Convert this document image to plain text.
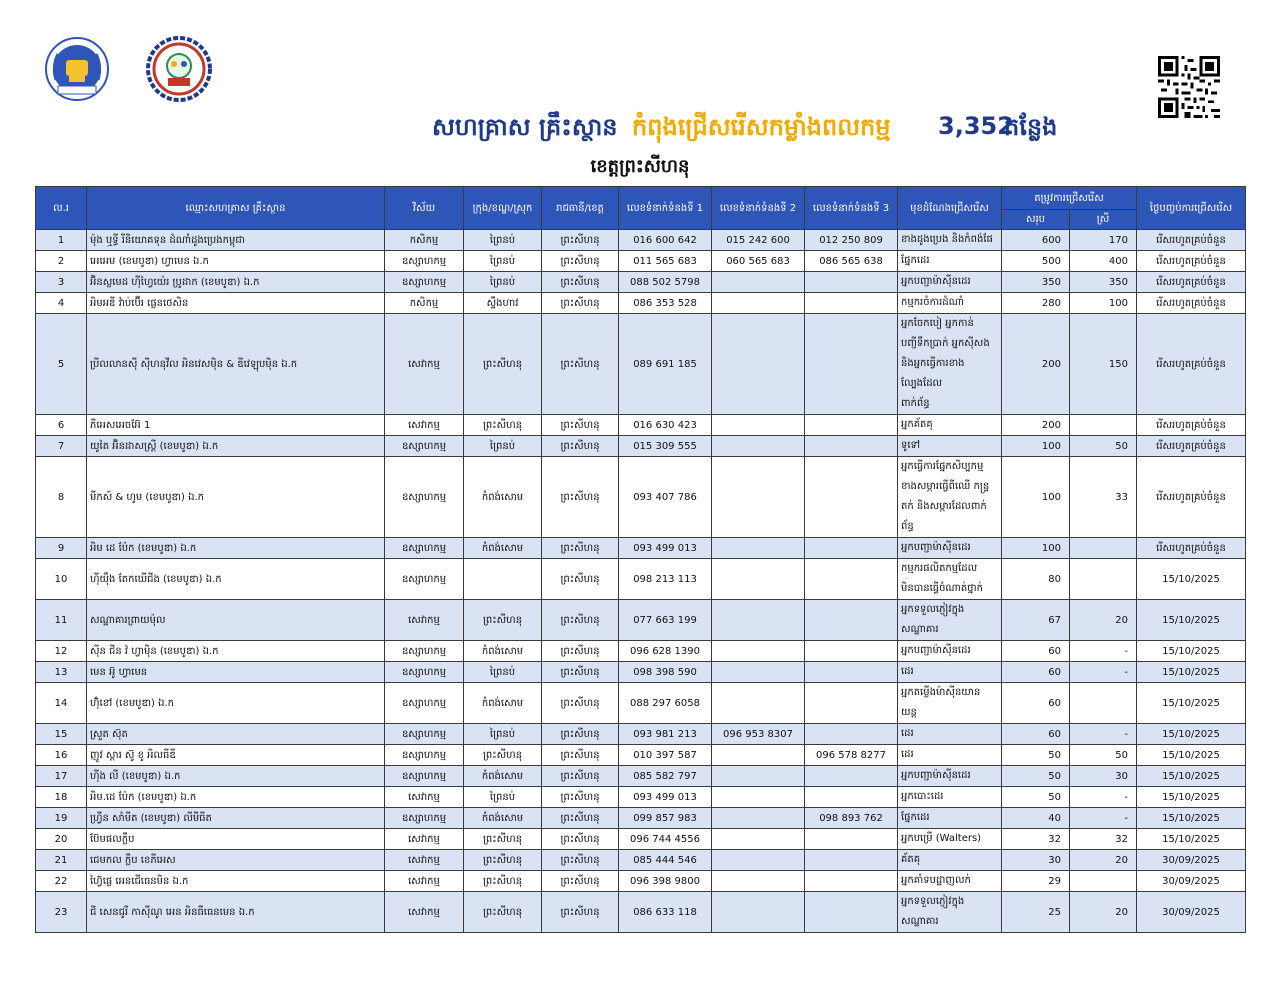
សហគ្រាស គ្រឹះស្ថាន កំពុងជ្រើសរើសកម្លាំងពលកម្ម 3,352
កន្លែង
ខេត្តព្រះសីហនុ
ល.រ	ឈ្មោះសហគ្រាស គ្រឹះស្ថាន	វិស័យ	ក្រុង/ខណ្ឌ/ស្រុក	រាជធានី/ខេត្ត	លេខទំនាក់ទំនងទី 1	លេខទំនាក់ទំនងទី 2	លេខទំនាក់ទំនងទី 3	មុខដំណែងជ្រើសរើស	តម្រូវការជ្រើសរើស		ថ្ងៃបញ្ចប់ការជ្រើសរើស
									សរុប	ស្រី	
1	ម៉ុង ឬទ្ធី រីនិយោគទុន ដំណាំដូងប្រេងកម្ពុជា	កសិកម្ម	ព្រៃនប់	ព្រះសីហនុ	016 600 642	015 242 600	012 250 809	ខាងដូងប្រេង និងកំពង់ផែ	600	170	រើសរហូតគ្រប់ចំនួន
2	អេអេម (ខេមបូឌា) ហ្វាមេន ឯ.ក	ឧស្សាហកម្ម	ព្រៃនប់	ព្រះសីហនុ	011 565 683	060 565 683	086 565 638	ផ្នែកដេរ	500	400	រើសរហូតគ្រប់ចំនួន
3	អ៊ិនស្លមេដ ហ៊ីហ្វៃយ៉េរ ប្រូដាក (ខេមបូឌា) ឯ.ក	ឧស្សាហកម្ម	ព្រៃនប់	ព្រះសីហនុ	088 502 5798			អ្នកបញ្ជាម៉ាស៊ីនដេរ	350	350	រើសរហូតគ្រប់ចំនួន
4	អិមអឌី វ៉ាប់ប៊ើរ ផ្លេនថេសិន	កសិកម្ម	ស្ទឹងហាវ	ព្រះសីហនុ	086 353 528			កម្មករចំការដំណាំ	280	100	រើសរហូតគ្រប់ចំនួន
5	ប្រីលលានស៊ី ស៊ីហនុវីល អិនវេសម៉ិន & ឌីវេឡុបម៉ិន ឯ.ក	សេវាកម្ម	ព្រះសីហនុ	ព្រះសីហនុ	089 691 185			អ្នកចែកបៀ អ្នកកាន់
បញ្ជីទឹកប្រាក់ អ្នកស៊ីសង
និងអ្នកធ្វើការខាង
ល្បែងដែល
ពាក់ព័ន្ធ	200	150	រើសរហូតគ្រប់ចំនួន
6	ភីអេសអេចអ៊ែ 1	សេវាកម្ម	ព្រះសីហនុ	ព្រះសីហនុ	016 630 423			អ្នកគ័តគុ	200		រើសរហូតគ្រប់ចំនួន
7	យូតៃ អ៊ិនដាសស្ត្រី (ខេមបូឌា) ឯ.ក	ឧស្សាហកម្ម	ព្រៃនប់	ព្រះសីហនុ	015 309 555			ទូទៅ	100	50	រើសរហូតគ្រប់ចំនួន
8	មីកស៍ & ហូម (ខេមបូឌា) ឯ.ក	ឧស្សាហកម្ម	កំពង់សោម	ព្រះសីហនុ	093 407 786			អ្នកធ្វើការផ្នែកសិប្បកម្ម
ខាងសម្ភារធ្វើពីឈើ កន្ទ្រ
តក់ និងសម្ភារដែលពាក់
ព័ន្ធ	100	33	រើសរហូតគ្រប់ចំនួន
9	អិម ដេ ប៉ែក (ខេមបូឌា) ឯ.ក	ឧស្សាហកម្ម	កំពង់សោម	ព្រះសីហនុ	093 499 013			អ្នកបញ្ជាម៉ាស៊ីនដេរ	100		រើសរហូតគ្រប់ចំនួន
10	ហ៊ីយ៉ឹង តែកឃើជីង (ខេមបូឌា) ឯ.ក	ឧស្សាហកម្ម		ព្រះសីហនុ	098 213 113			កម្មករផលិតកម្មដែល
មិនបានធ្វើចំណាត់ថ្នាក់	80		15/10/2025
11	សណ្ឋាគារព្រាយម៉ុល	សេវាកម្ម	ព្រះសីហនុ	ព្រះសីហនុ	077 663 199			អ្នកទទួលភ្ញៀវក្នុង
សណ្ឋាគារ	67	20	15/10/2025
12	ស៊ីន ជីន វ៉ ហ្វាម៉ិន (ខេមបូឌា) ឯ.ក	ឧស្សាហកម្ម	កំពង់សោម	ព្រះសីហនុ	096 628 1390			អ្នកបញ្ជាម៉ាស៊ីនដេរ	60	-	15/10/2025
13	មេន អ៊ូ ហ្វាមេន	ឧស្សាហកម្ម	ព្រៃនប់	ព្រះសីហនុ	098 398 590			ដេរ	60	-	15/10/2025
14	ហ៊ុំខៅ (ខេមបូឌា) ឯ.ក	ឧស្សាហកម្ម	កំពង់សោម	ព្រះសីហនុ	088 297 6058			អ្នកតម្លើងម៉ាស៊ីនយាន
យន្ត	60		15/10/2025
15	ស្រួត ស៊ុត	ឧស្សាហកម្ម	ព្រៃនប់	ព្រះសីហនុ	093 981 213	096 953 8307		ដេរ	60	-	15/10/2025
16	ញូវ ស្តារ ស៊ូ ខូ អិលធីឌី	ឧស្សាហកម្ម	ព្រះសីហនុ	ព្រះសីហនុ	010 397 587		096 578 8277	ដេរ	50	50	15/10/2025
17	ហ៊ីង លី (ខេមបូឌា) ឯ.ក	ឧស្សាហកម្ម	កំពង់សោម	ព្រះសីហនុ	085 582 797			អ្នកបញ្ជាម៉ាស៊ីនដេរ	50	30	15/10/2025
18	អិម.ដេ ប៉ែក (ខេមបូឌា) ឯ.ក	សេវាកម្ម	ព្រៃនប់	ព្រះសីហនុ	093 499 013			អ្នកបោះដេរ	50	-	15/10/2025
19	ហ្វ្រីន សាំមីត (ខេមបូឌា) លីមីធីត	ឧស្សាហកម្ម	កំពង់សោម	ព្រះសីហនុ	099 857 983		098 893 762	ផ្នែកដេរ	40	-	15/10/2025
20	ប៊ែមផលក្លឹប	សេវាកម្ម	ព្រះសីហនុ	ព្រះសីហនុ	096 744 4556			អ្នកបម្រើ (Walters)	32	32	15/10/2025
21	ជេមកល ក្លឹប ខេភីអេស	សេវាកម្ម	ព្រះសីហនុ	ព្រះសីហនុ	085 444 546			គ័តគុ	30	20	30/09/2025
22	ហ្វ៊ៃផ្លេ អេនជើធេនមិន ឯ.ក	សេវាកម្ម	ព្រះសីហនុ	ព្រះសីហនុ	096 398 9800			អ្នកគាំទបដ្ឋាញលក់	29		30/09/2025
23	ជី សេនជូរី កាស៊ីណូ អេន អិនធឺធេនមេន ឯ.ក	សេវាកម្ម	ព្រះសីហនុ	ព្រះសីហនុ	086 633 118			អ្នកទទួលភ្ញៀវក្នុង
សណ្ឋាគារ	25	20	30/09/2025
